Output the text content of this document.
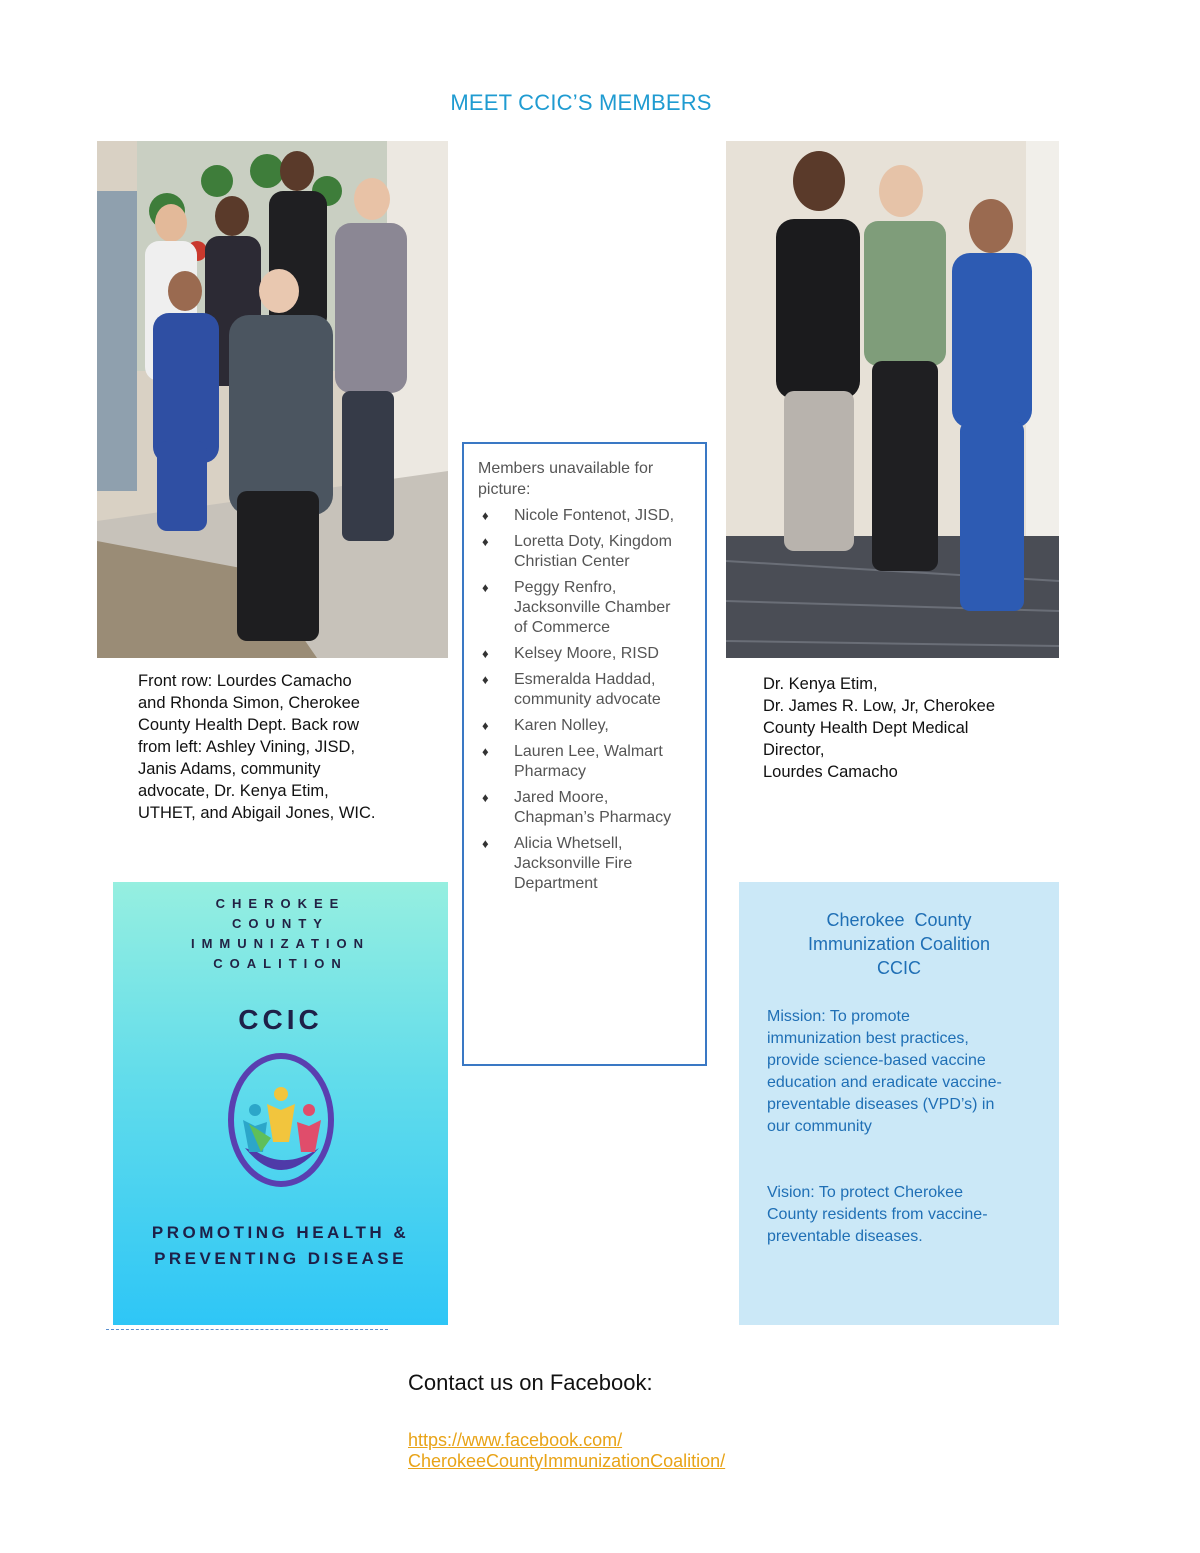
MEET CCIC’S MEMBERS
Front row: Lourdes Camacho
and Rhonda Simon, Cherokee
County Health Dept. Back row
from left: Ashley Vining, JISD,
Janis Adams, community
advocate, Dr. Kenya Etim,
UTHET, and Abigail Jones, WIC.
Dr. Kenya Etim,
Dr. James R. Low, Jr, Cherokee
County Health Dept Medical
Director,
Lourdes Camacho
Members unavailable for
picture:
♦ Nicole Fontenot, JISD,
♦ Loretta Doty, Kingdom
Christian Center
♦ Peggy Renfro,
Jacksonville Chamber
of Commerce
♦ Kelsey Moore, RISD
♦ Esmeralda Haddad,
community advocate
♦ Karen Nolley,
♦ Lauren Lee, Walmart
Pharmacy
♦ Jared Moore,
Chapman’s Pharmacy
♦ Alicia Whetsell,
Jacksonville Fire
Department
CHEROKEE
COUNTY
IMMUNIZATION
COALITION
CCIC
PROMOTING HEALTH &
PREVENTING DISEASE
Cherokee  County
Immunization Coalition
CCIC
Mission: To promote
immunization best practices,
provide science-based vaccine
education and eradicate vaccine-
preventable diseases (VPD’s) in
our community
Vision: To protect Cherokee
County residents from vaccine-
preventable diseases.
Contact us on Facebook:
https://www.facebook.com/
CherokeeCountyImmunizationCoalition/
